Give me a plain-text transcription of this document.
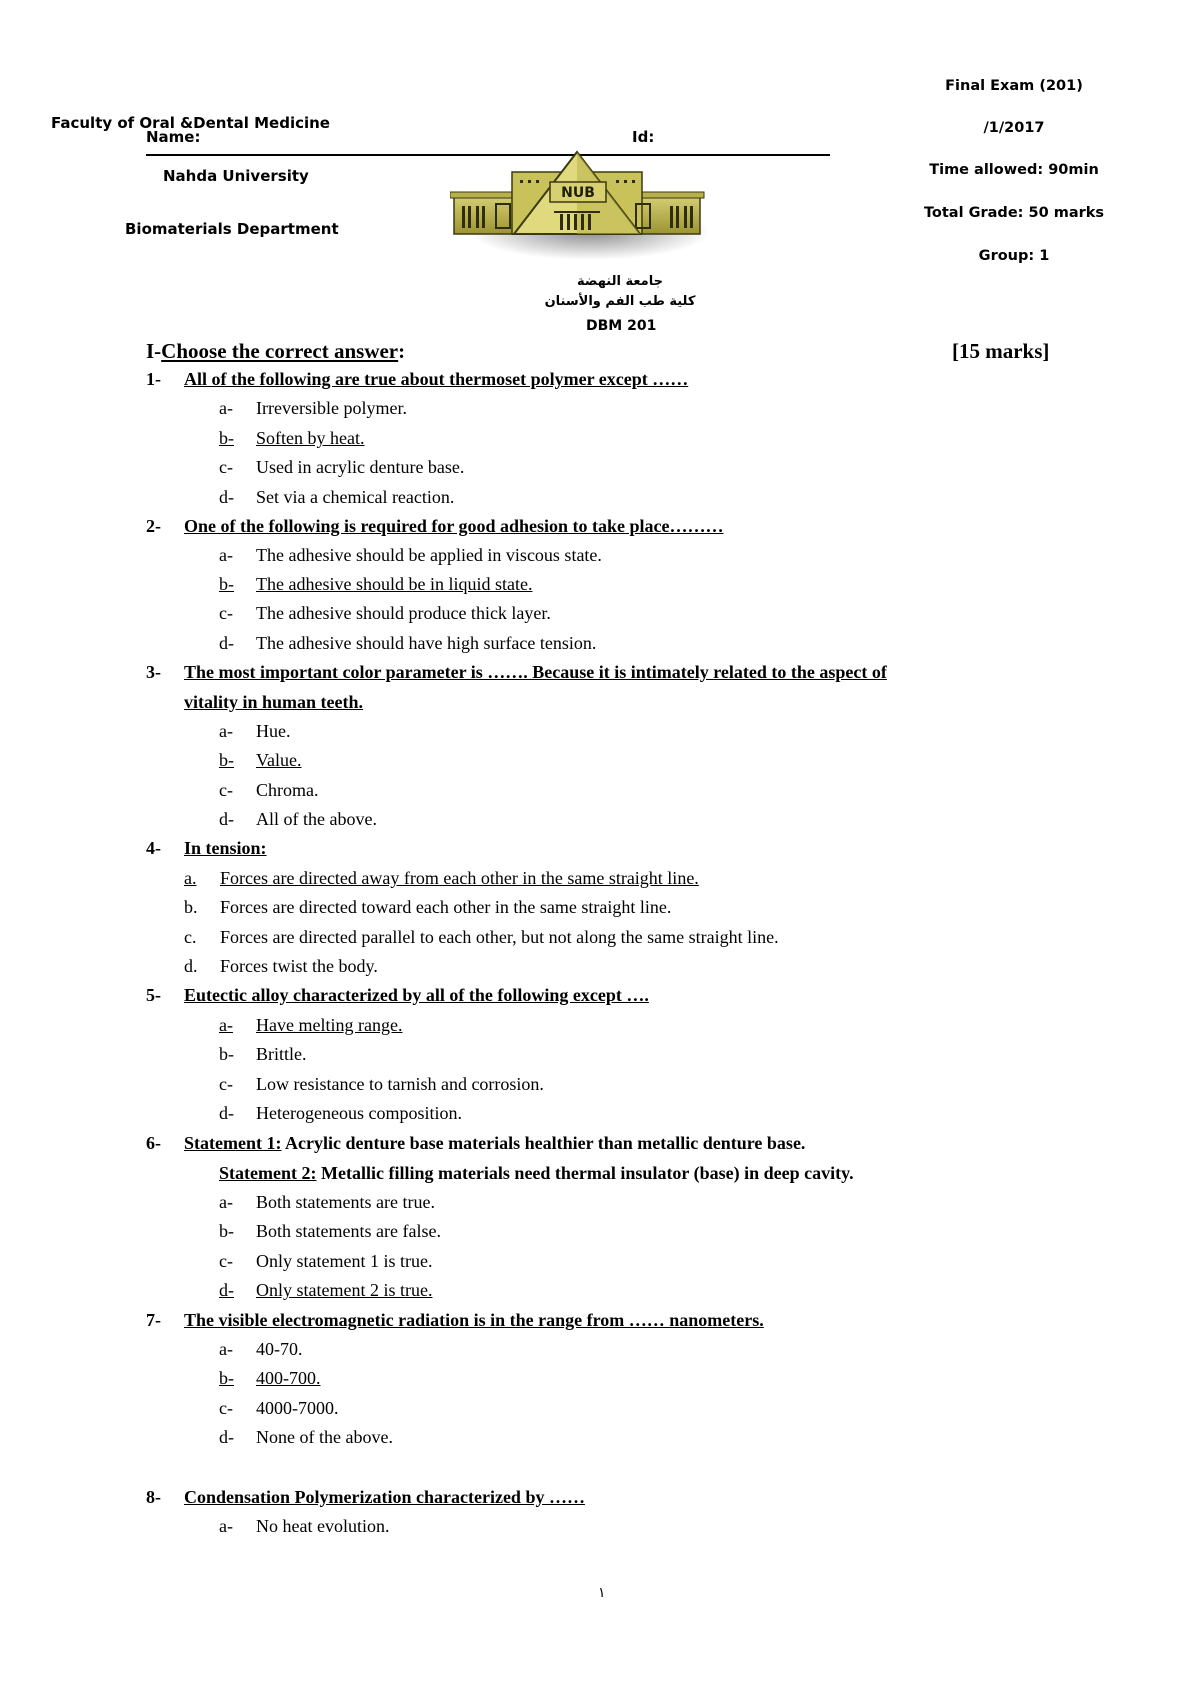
Faculty of Oral &Dental Medicine
Name:	Id:
Nahda University
Biomaterials Department
Final Exam (201)
/1/2017
Time allowed: 90min
Total Grade: 50 marks
Group: 1
NUB
جامعة النهضة
كلية طب الفم والأسنان
DBM 201
I-Choose the correct answer:	[15 marks]
1- All of the following are true about thermoset polymer except ……
a- Irreversible polymer.
b- Soften by heat.
c- Used in acrylic denture base.
d- Set via a chemical reaction.
2- One of the following is required for good adhesion to take place………
a- The adhesive should be applied in viscous state.
b- The adhesive should be in liquid state.
c- The adhesive should produce thick layer.
d- The adhesive should have high surface tension.
3- The most important color parameter is ……. Because it is intimately related to the aspect of
vitality in human teeth.
a- Hue.
b- Value.
c- Chroma.
d- All of the above.
4- In tension:
a. Forces are directed away from each other in the same straight line.
b. Forces are directed toward each other in the same straight line.
c. Forces are directed parallel to each other, but not along the same straight line.
d. Forces twist the body.
5- Eutectic alloy characterized by all of the following except ….
a- Have melting range.
b- Brittle.
c- Low resistance to tarnish and corrosion.
d- Heterogeneous composition.
6- Statement 1: Acrylic denture base materials healthier than metallic denture base.
Statement 2: Metallic filling materials need thermal insulator (base) in deep cavity.
a- Both statements are true.
b- Both statements are false.
c- Only statement 1 is true.
d- Only statement 2 is true.
7- The visible electromagnetic radiation is in the range from …… nanometers.
a- 40-70.
b- 400-700.
c- 4000-7000.
d- None of the above.
8- Condensation Polymerization characterized by ……
a- No heat evolution.
١
